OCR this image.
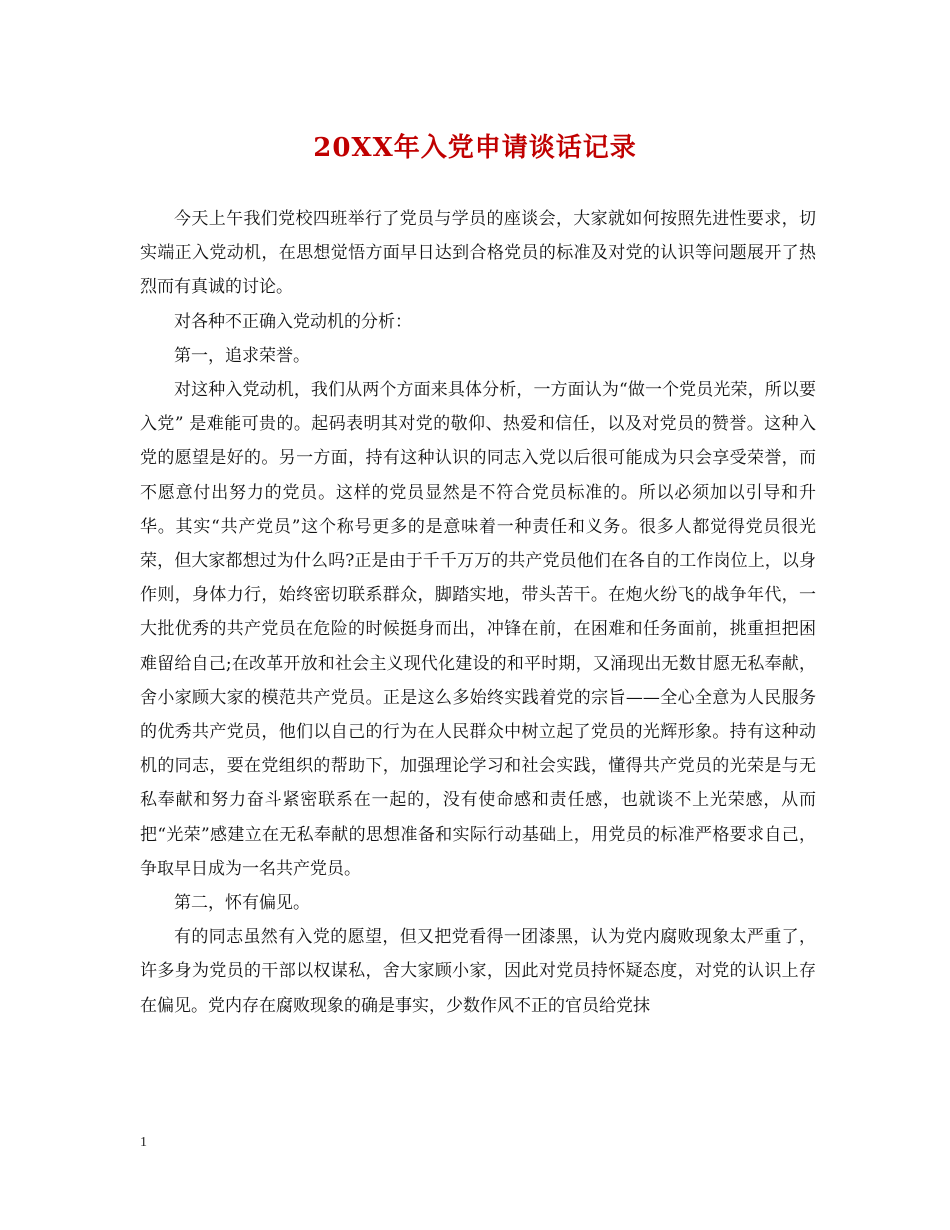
20XX年入党申请谈话记录

今天上午我们党校四班举行了党员与学员的座谈会，大家就如何按照先进性要求，切实端正入党动机，在思想觉悟方面早日达到合格党员的标准及对党的认识等问题展开了热烈而有真诚的讨论。

对各种不正确入党动机的分析：

第一，追求荣誉。

对这种入党动机，我们从两个方面来具体分析，一方面认为“做一个党员光荣，所以要入党” 是难能可贵的。起码表明其对党的敬仰、热爱和信任，以及对党员的赞誉。这种入党的愿望是好的。另一方面，持有这种认识的同志入党以后很可能成为只会享受荣誉，而不愿意付出努力的党员。这样的党员显然是不符合党员标准的。所以必须加以引导和升华。其实“共产党员”这个称号更多的是意味着一种责任和义务。很多人都觉得党员很光荣，但大家都想过为什么吗?正是由于千千万万的共产党员他们在各自的工作岗位上，以身作则，身体力行，始终密切联系群众，脚踏实地，带头苦干。在炮火纷飞的战争年代，一大批优秀的共产党员在危险的时候挺身而出，冲锋在前，在困难和任务面前，挑重担把困难留给自己;在改革开放和社会主义现代化建设的和平时期，又涌现出无数甘愿无私奉献，舍小家顾大家的模范共产党员。正是这么多始终实践着党的宗旨——全心全意为人民服务的优秀共产党员，他们以自己的行为在人民群众中树立起了党员的光辉形象。持有这种动机的同志，要在党组织的帮助下，加强理论学习和社会实践，懂得共产党员的光荣是与无私奉献和努力奋斗紧密联系在一起的，没有使命感和责任感，也就谈不上光荣感，从而把“光荣”感建立在无私奉献的思想准备和实际行动基础上，用党员的标准严格要求自己，争取早日成为一名共产党员。

第二，怀有偏见。

有的同志虽然有入党的愿望，但又把党看得一团漆黑，认为党内腐败现象太严重了，许多身为党员的干部以权谋私，舍大家顾小家，因此对党员持怀疑态度，对党的认识上存在偏见。党内存在腐败现象的确是事实，少数作风不正的官员给党抹

1
